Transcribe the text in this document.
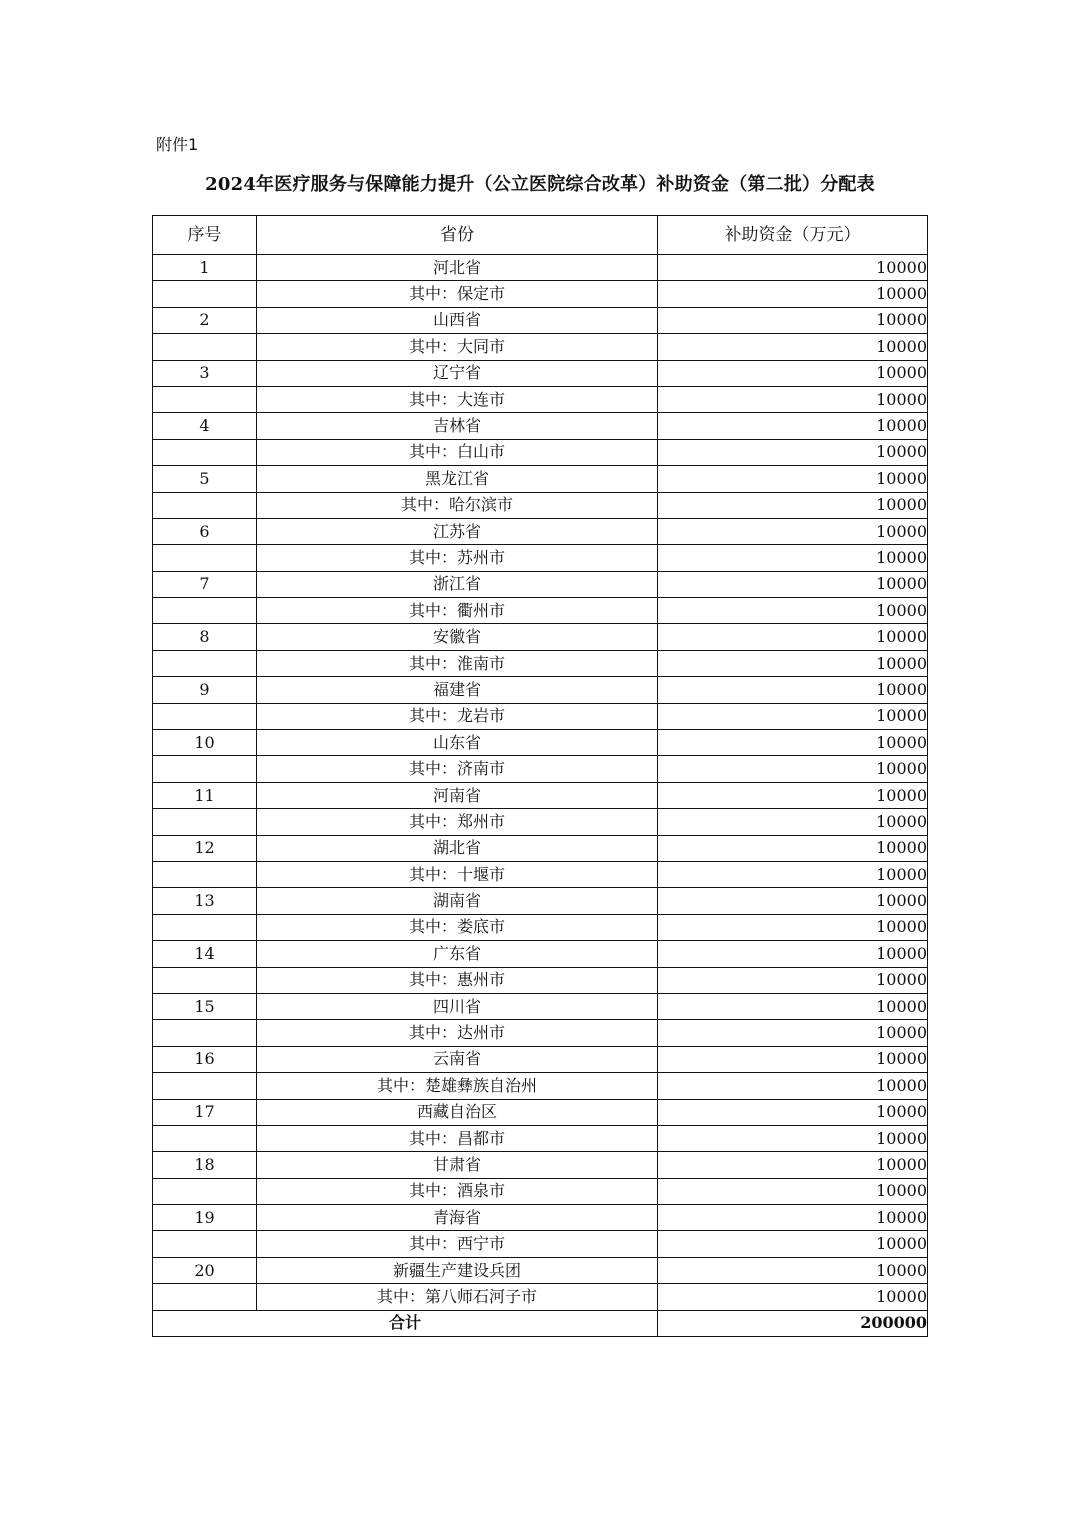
附件1
2024年医疗服务与保障能力提升（公立医院综合改革）补助资金（第二批）分配表
序号	省份	补助资金（万元）
1	河北省	10000
	其中：保定市	10000
2	山西省	10000
	其中：大同市	10000
3	辽宁省	10000
	其中：大连市	10000
4	吉林省	10000
	其中：白山市	10000
5	黑龙江省	10000
	其中：哈尔滨市	10000
6	江苏省	10000
	其中：苏州市	10000
7	浙江省	10000
	其中：衢州市	10000
8	安徽省	10000
	其中：淮南市	10000
9	福建省	10000
	其中：龙岩市	10000
10	山东省	10000
	其中：济南市	10000
11	河南省	10000
	其中：郑州市	10000
12	湖北省	10000
	其中：十堰市	10000
13	湖南省	10000
	其中：娄底市	10000
14	广东省	10000
	其中：惠州市	10000
15	四川省	10000
	其中：达州市	10000
16	云南省	10000
	其中：楚雄彝族自治州	10000
17	西藏自治区	10000
	其中：昌都市	10000
18	甘肃省	10000
	其中：酒泉市	10000
19	青海省	10000
	其中：西宁市	10000
20	新疆生产建设兵团	10000
	其中：第八师石河子市	10000
合计		200000
